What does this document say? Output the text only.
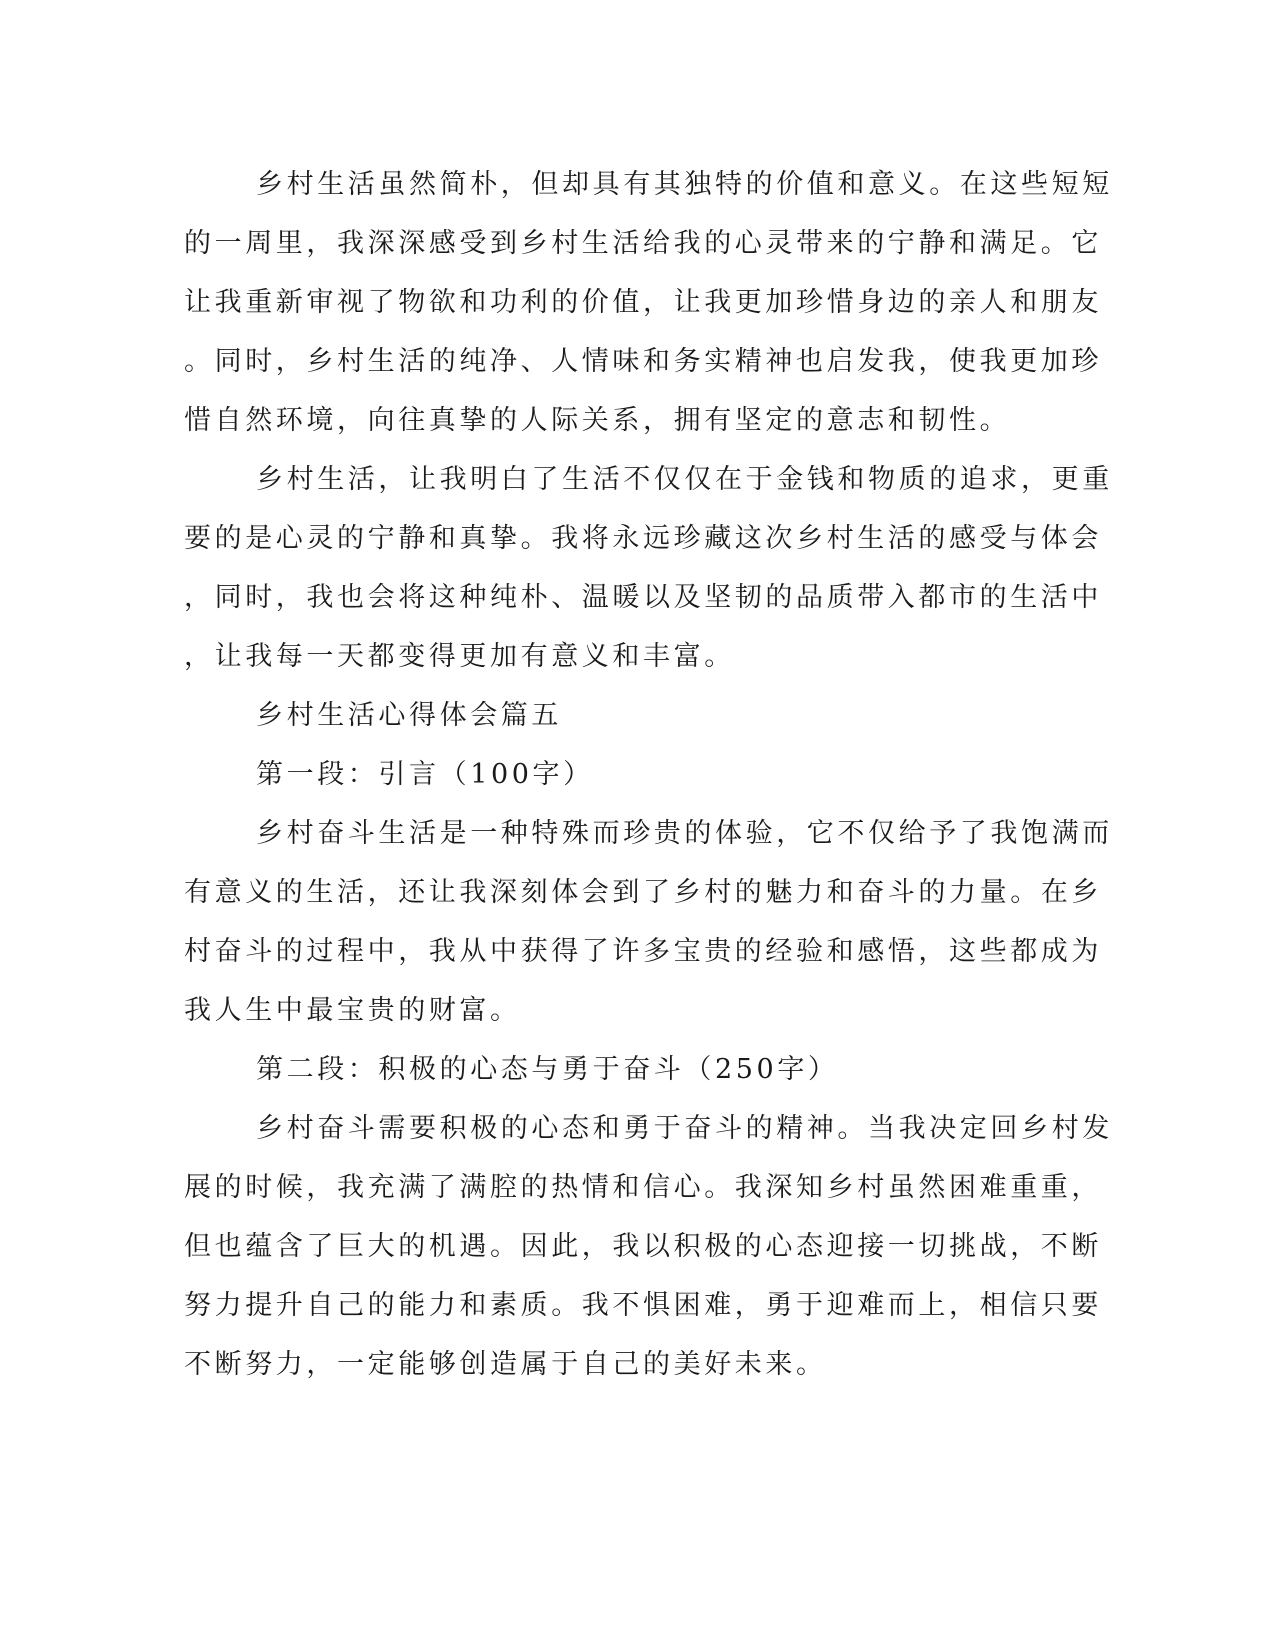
乡村生活虽然简朴，但却具有其独特的价值和意义。在这些短短
的一周里，我深深感受到乡村生活给我的心灵带来的宁静和满足。它
让我重新审视了物欲和功利的价值，让我更加珍惜身边的亲人和朋友
。同时，乡村生活的纯净、人情味和务实精神也启发我，使我更加珍
惜自然环境，向往真挚的人际关系，拥有坚定的意志和韧性。
乡村生活，让我明白了生活不仅仅在于金钱和物质的追求，更重
要的是心灵的宁静和真挚。我将永远珍藏这次乡村生活的感受与体会
，同时，我也会将这种纯朴、温暖以及坚韧的品质带入都市的生活中
，让我每一天都变得更加有意义和丰富。
乡村生活心得体会篇五
第一段：引言（100字）
乡村奋斗生活是一种特殊而珍贵的体验，它不仅给予了我饱满而
有意义的生活，还让我深刻体会到了乡村的魅力和奋斗的力量。在乡
村奋斗的过程中，我从中获得了许多宝贵的经验和感悟，这些都成为
我人生中最宝贵的财富。
第二段：积极的心态与勇于奋斗（250字）
乡村奋斗需要积极的心态和勇于奋斗的精神。当我决定回乡村发
展的时候，我充满了满腔的热情和信心。我深知乡村虽然困难重重，
但也蕴含了巨大的机遇。因此，我以积极的心态迎接一切挑战，不断
努力提升自己的能力和素质。我不惧困难，勇于迎难而上，相信只要
不断努力，一定能够创造属于自己的美好未来。
